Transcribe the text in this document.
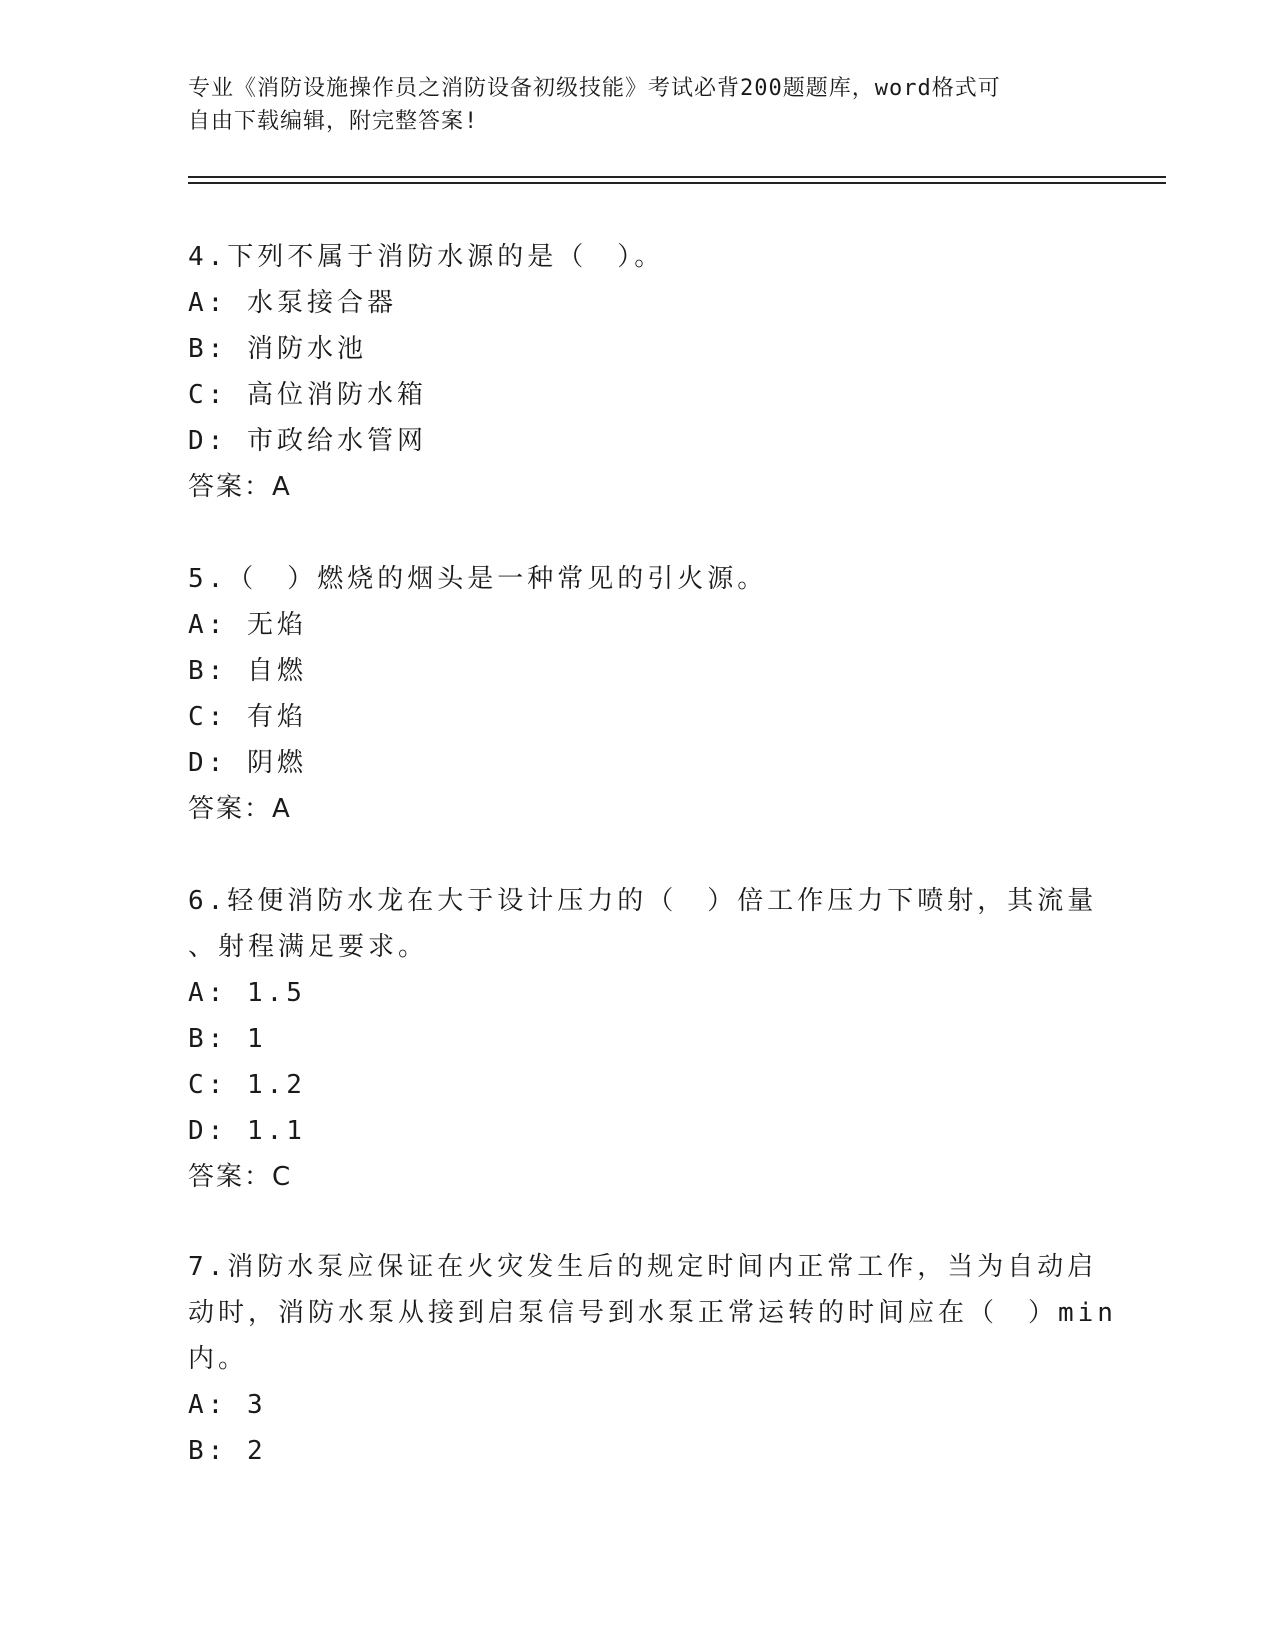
专业《消防设施操作员之消防设备初级技能》考试必背200题题库，word格式可
自由下载编辑，附完整答案!
4.下列不属于消防水源的是（　）。
A: 水泵接合器
B: 消防水池
C: 高位消防水箱
D: 市政给水管网
答案：A
5.（　）燃烧的烟头是一种常见的引火源。
A: 无焰
B: 自燃
C: 有焰
D: 阴燃
答案：A
6.轻便消防水龙在大于设计压力的（　）倍工作压力下喷射，其流量
、射程满足要求。
A: 1.5
B: 1
C: 1.2
D: 1.1
答案：C
7.消防水泵应保证在火灾发生后的规定时间内正常工作，当为自动启
动时，消防水泵从接到启泵信号到水泵正常运转的时间应在（　）min
内。
A: 3
B: 2
